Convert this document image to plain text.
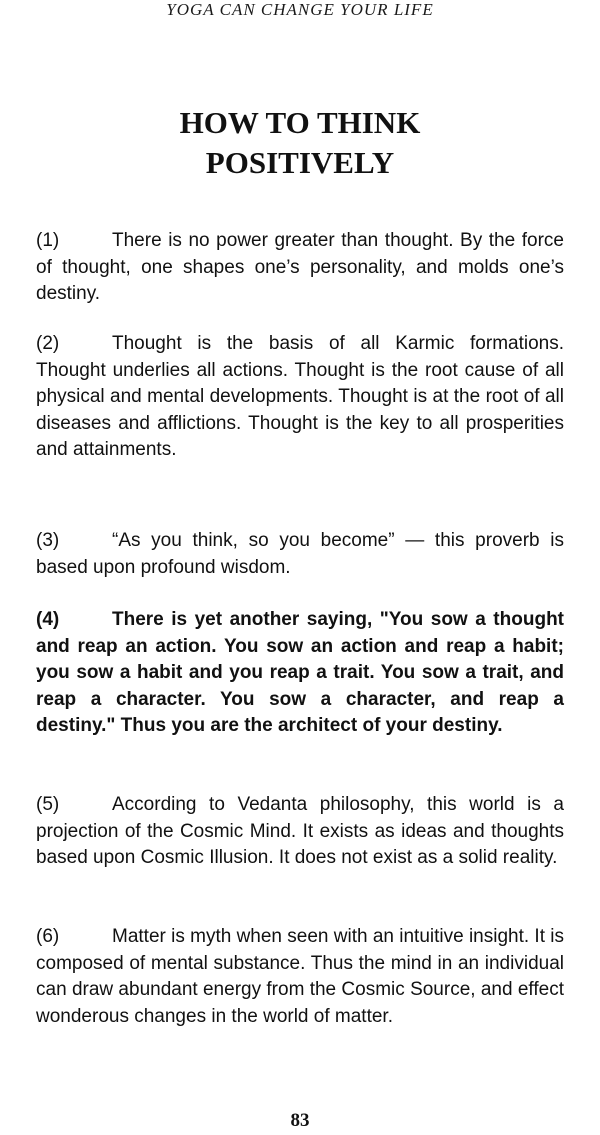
YOGA CAN CHANGE YOUR LIFE
HOW TO THINK
POSITIVELY

(1)	There is no power greater than thought. By the force of thought, one shapes one’s personality, and molds one’s destiny.

(2)	Thought is the basis of all Karmic formations. Thought underlies all actions. Thought is the root cause of all physical and mental developments. Thought is at the root of all diseases and afflictions. Thought is the key to all prosperities and attainments.

(3)	“As you think, so you become” — this proverb is based upon profound wisdom.

(4)	There is yet another saying, "You sow a thought and reap an action. You sow an action and reap a habit; you sow a habit and you reap a trait. You sow a trait, and reap a character. You sow a character, and reap a destiny." Thus you are the architect of your destiny.

(5)	According to Vedanta philosophy, this world is a projection of the Cosmic Mind. It exists as ideas and thoughts based upon Cosmic Illusion. It does not exist as a solid reality.

(6)	Matter is myth when seen with an intuitive insight. It is composed of mental substance. Thus the mind in an individual can draw abundant energy from the Cosmic Source, and effect wonderous changes in the world of matter.

83
